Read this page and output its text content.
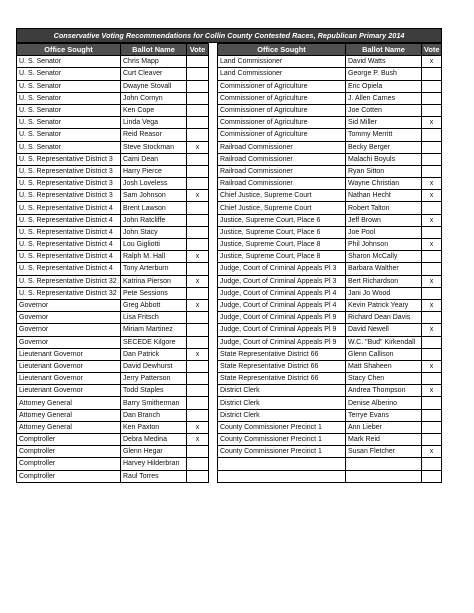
Conservative Voting Recommendations for Collin County Contested Races, Republican Primary 2014
Office Sought	Ballot Name	Vote
U. S. Senator	Chris Mapp	
U. S. Senator	Curt Cleaver	
U. S. Senator	Dwayne Stovall	
U. S. Senator	John Cornyn	
U. S. Senator	Ken Cope	
U. S. Senator	Linda Vega	
U. S. Senator	Reid Reasor	
U. S. Senator	Steve Stockman	x
U. S. Representative District 3	Cami Dean	
U. S. Representative District 3	Harry Pierce	
U. S. Representative District 3	Josh Loveless	
U. S. Representative District 3	Sam Johnson	x
U. S. Representative District 4	Brent Lawson	
U. S. Representative District 4	John Ratcliffe	
U. S. Representative District 4	John Stacy	
U. S. Representative District 4	Lou Gigliotti	
U. S. Representative District 4	Ralph M. Hall	x
U. S. Representative District 4	Tony Arterburn	
U. S. Representative District 32	Katrina Pierson	x
U. S. Representative District 32	Pete Sessions	
Governor	Greg Abbott	x
Governor	Lisa Fritsch	
Governor	Miriam Martinez	
Governor	SECEDE Kilgore	
Lieutenant Governor	Dan Patrick	x
Lieutenant Governor	David Dewhurst	
Lieutenant Governor	Jerry Patterson	
Lieutenant Governor	Todd Staples	
Attorney General	Barry Smitherman	
Attorney General	Dan Branch	
Attorney General	Ken Paxton	x
Comptroller	Debra Medina	x
Comptroller	Glenn Hegar	
Comptroller	Harvey Hilderbran	
Comptroller	Raul Torres	
Office Sought	Ballot Name	Vote
Land Commissioner	David Watts	x
Land Commissioner	George P. Bush	
Commissioner of Agriculture	Eric Opiela	
Commissioner of Agriculture	J. Allen Carnes	
Commissioner of Agriculture	Joe Cotten	
Commissioner of Agriculture	Sid Miller	x
Commissioner of Agriculture	Tommy Merritt	
Railroad Commissioner	Becky Berger	
Railroad Commissioner	Malachi Boyuls	
Railroad Commissioner	Ryan Sitton	
Railroad Commissioner	Wayne Christian	x
Chief Justice, Supreme Court	Nathan Hecht	x
Chief Justice, Supreme Court	Robert Talton	
Justice, Supreme Court, Place 6	Jeff Brown	x
Justice, Supreme Court, Place 6	Joe Pool	
Justice, Supreme Court, Place 8	Phil Johnson	x
Justice, Supreme Court, Place 8	Sharon McCally	
Judge, Court of Criminal Appeals Pl 3	Barbara Walther	
Judge, Court of Criminal Appeals Pl 3	Bert Richardson	x
Judge, Court of Criminal Appeals Pl 4	Jani Jo Wood	
Judge, Court of Criminal Appeals Pl 4	Kevin Patrick Yeary	x
Judge, Court of Criminal Appeals Pl 9	Richard Dean Davis	
Judge, Court of Criminal Appeals Pl 9	David Newell	x
Judge, Court of Criminal Appeals Pl 9	W.C. "Bud" Kirkendall	
State Representative District 66	Glenn Callison	
State Representative District 66	Matt Shaheen	x
State Representative District 66	Stacy Chen	
District Clerk	Andrea Thompson	x
District Clerk	Denise Alberino	
District Clerk	Terrye Evans	
County Commissioner Precinct 1	Ann Lieber	
County Commissioner Precinct 1	Mark Reid	
County Commissioner Precinct 1	Susan Fletcher	x
